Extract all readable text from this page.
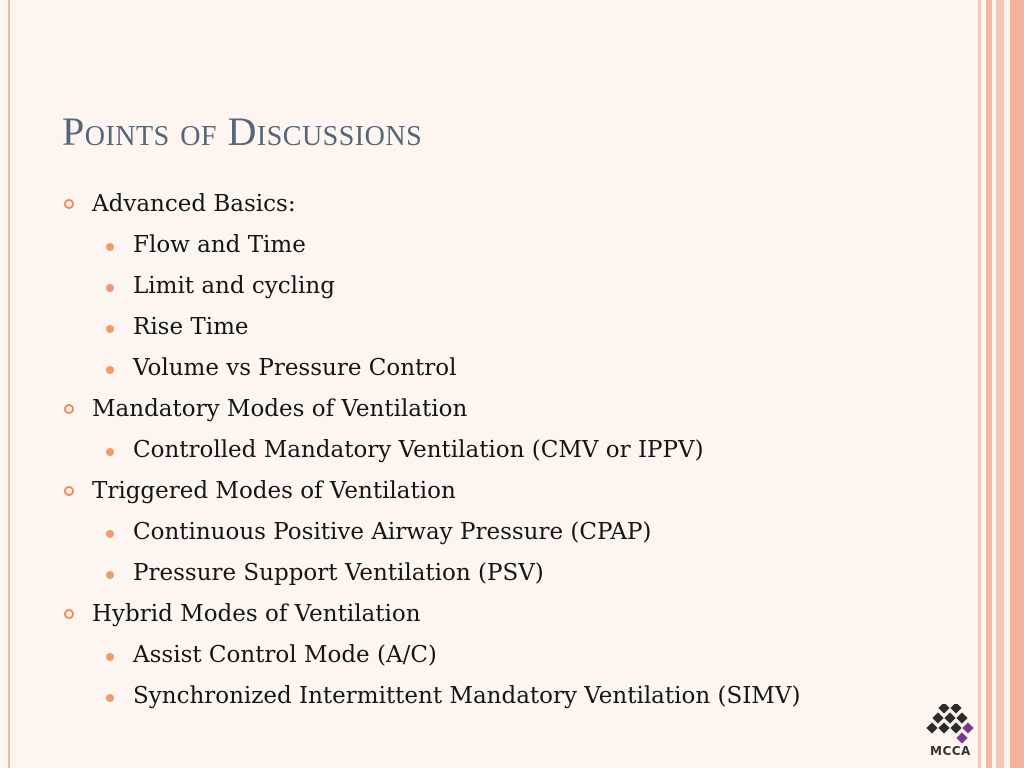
Points of Discussions
Advanced Basics:
Flow and Time
Limit and cycling
Rise Time
Volume vs Pressure Control
Mandatory Modes of Ventilation
Controlled Mandatory Ventilation (CMV or IPPV)
Triggered Modes of Ventilation
Continuous Positive Airway Pressure (CPAP)
Pressure Support Ventilation (PSV)
Hybrid Modes of Ventilation
Assist Control Mode (A/C)
Synchronized Intermittent Mandatory Ventilation (SIMV)
MCCA
